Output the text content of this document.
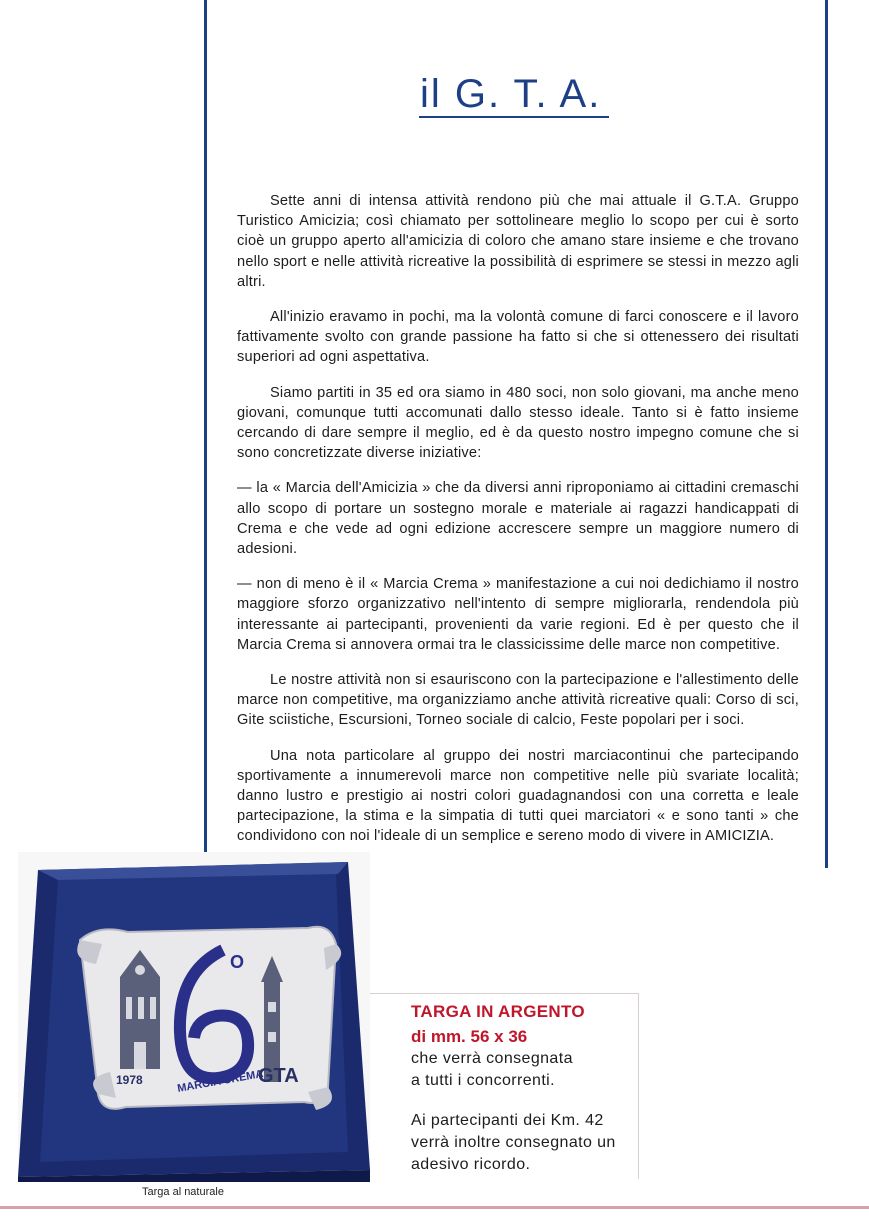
il G. T. A.

Sette anni di intensa attività rendono più che mai attuale il G.T.A. Gruppo Turistico Amicizia; così chiamato per sottolineare meglio lo scopo per cui è sorto cioè un gruppo aperto all'amicizia di coloro che amano stare insieme e che trovano nello sport e nelle attività ricreative la possibilità di esprimere se stessi in mezzo agli altri.

All'inizio eravamo in pochi, ma la volontà comune di farci conoscere e il lavoro fattivamente svolto con grande passione ha fatto si che si ottenessero dei risultati superiori ad ogni aspettativa.

Siamo partiti in 35 ed ora siamo in 480 soci, non solo giovani, ma anche meno giovani, comunque tutti accomunati dallo stesso ideale. Tanto si è fatto insieme cercando di dare sempre il meglio, ed è da questo nostro impegno comune che si sono concretizzate diverse iniziative:

— la « Marcia dell'Amicizia » che da diversi anni riproponiamo ai cittadini cremaschi allo scopo di portare un sostegno morale e materiale ai ragazzi handicappati di Crema e che vede ad ogni edizione accrescere sempre un maggiore numero di adesioni.

— non di meno è il « Marcia Crema » manifestazione a cui noi dedichiamo il nostro maggiore sforzo organizzativo nell'intento di sempre migliorarla, rendendola più interessante ai partecipanti, provenienti da varie regioni. Ed è per questo che il Marcia Crema si annovera ormai tra le classicissime delle marce non competitive.

Le nostre attività non si esauriscono con la partecipazione e l'allestimento delle marce non competitive, ma organizziamo anche attività ricreative quali: Corso di sci, Gite sciistiche, Escursioni, Torneo sociale di calcio, Feste popolari per i soci.

Una nota particolare al gruppo dei nostri marciacontinui che partecipando sportivamente a innumerevoli marce non competitive nelle più svariate località; danno lustro e prestigio ai nostri colori guadagnandosi con una corretta e leale partecipazione, la stima e la simpatia di tutti quei marciatori « e sono tanti » che condividono con noi l'ideale di un semplice e sereno modo di vivere in AMICIZIA.

MARCIA CREMA
O
1978	GTA
Targa al naturale
TARGA IN ARGENTO
di mm. 56 x 36
che verrà consegnata
a tutti i concorrenti.
Ai partecipanti dei Km. 42
verrà inoltre consegnato un
adesivo ricordo.
